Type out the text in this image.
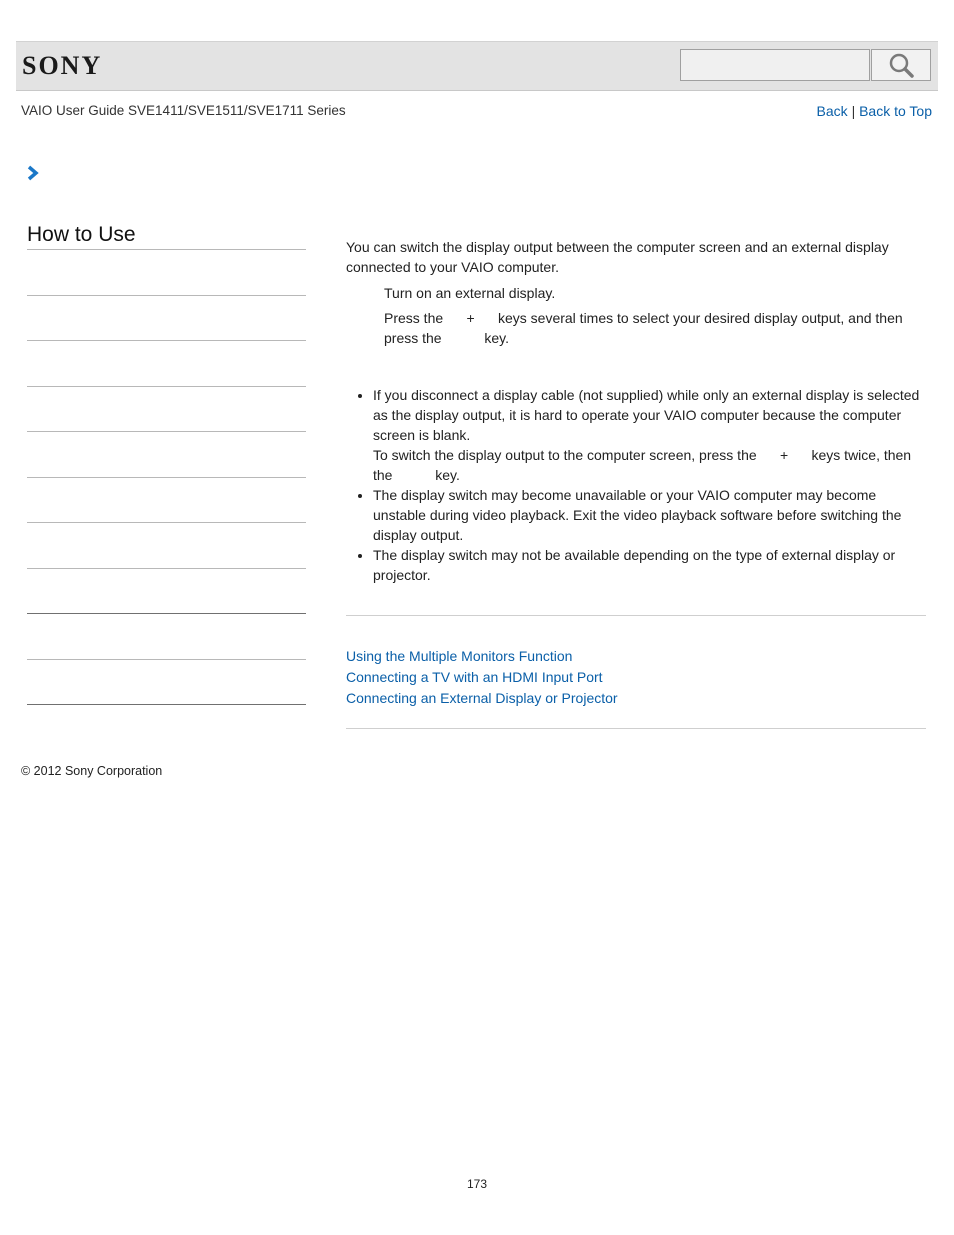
SONY
VAIO User Guide SVE1411/SVE1511/SVE1711 Series	Back | Back to Top
How to Use

You can switch the display output between the computer screen and an external display connected to your VAIO computer.

Turn on an external display.
Press the      +      keys several times to select your desired display output, and then press the           key.
• If you disconnect a display cable (not supplied) while only an external display is selected as the display output, it is hard to operate your VAIO computer because the computer screen is blank.
To switch the display output to the computer screen, press the      +      keys twice, then the           key.
• The display switch may become unavailable or your VAIO computer may become unstable during video playback. Exit the video playback software before switching the display output.
• The display switch may not be available depending on the type of external display or projector.
Using the Multiple Monitors Function
Connecting a TV with an HDMI Input Port
Connecting an External Display or Projector
© 2012 Sony Corporation
173
